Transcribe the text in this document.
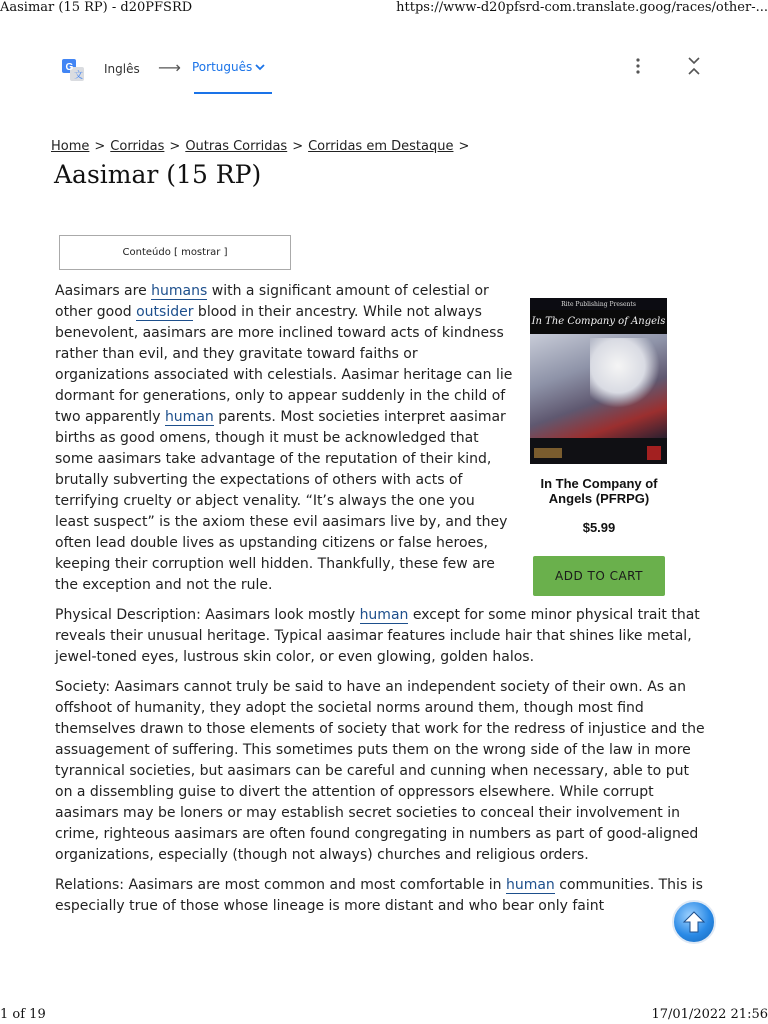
Aasimar (15 RP) - d20PFSRD	https://www-d20pfsrd-com.translate.goog/races/other-...
G
文 Inglês ⟶ Português
Home > Corridas > Outras Corridas > Corridas em Destaque >
Aasimar (15 RP)
Conteúdo [ mostrar ]

Aasimars are humans with a significant amount of celestial or other good outsider blood in their ancestry. While not always benevolent, aasimars are more inclined toward acts of kindness rather than evil, and they gravitate toward faiths or organizations associated with celestials. Aasimar heritage can lie dormant for generations, only to appear suddenly in the child of two apparently human parents. Most societies interpret aasimar births as good omens, though it must be acknowledged that some aasimars take advantage of the reputation of their kind, brutally subverting the expectations of others with acts of terrifying cruelty or abject venality. “It’s always the one you least suspect” is the axiom these evil aasimars live by, and they often lead double lives as upstanding citizens or false heroes, keeping their corruption well hidden. Thankfully, these few are the exception and not the rule.

Physical Description: Aasimars look mostly human except for some minor physical trait that reveals their unusual heritage. Typical aasimar features include hair that shines like metal, jewel-toned eyes, lustrous skin color, or even glowing, golden halos.

Society: Aasimars cannot truly be said to have an independent society of their own. As an offshoot of humanity, they adopt the societal norms around them, though most find themselves drawn to those elements of society that work for the redress of injustice and the assuagement of suffering. This sometimes puts them on the wrong side of the law in more tyrannical societies, but aasimars can be careful and cunning when necessary, able to put on a dissembling guise to divert the attention of oppressors elsewhere. While corrupt aasimars may be loners or may establish secret societies to conceal their involvement in crime, righteous aasimars are often found congregating in numbers as part of good-aligned organizations, especially (though not always) churches and religious orders.

Relations: Aasimars are most common and most comfortable in human communities. This is especially true of those whose lineage is more distant and who bear only faint

Rite Publishing Presents
In The Company of Angels
In The Company of Angels (PFRPG)
$5.99
ADD TO CART
1 of 19	17/01/2022 21:56
